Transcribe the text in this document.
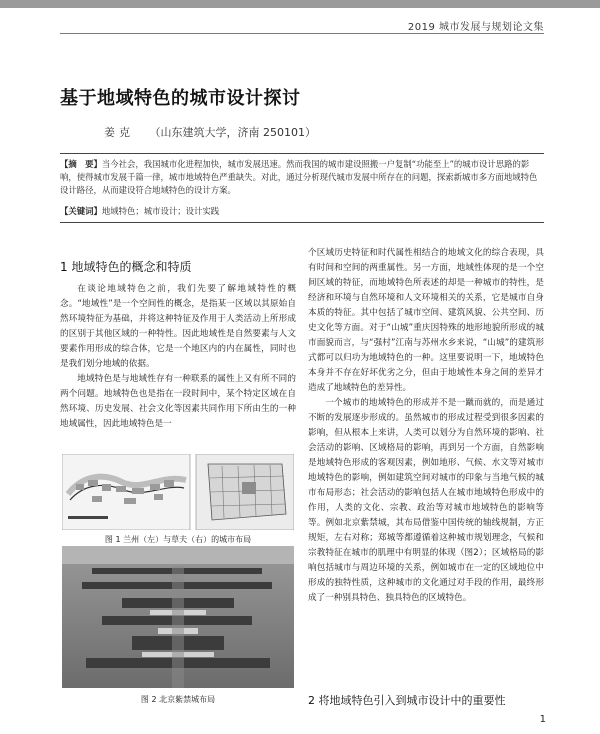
2019 城市发展与规划论文集
基于地域特色的城市设计探讨
姜克 （山东建筑大学，济南 250101）
【摘　要】当今社会，我国城市化进程加快，城市发展迅速。然而我国的城市建设照搬一户复制“功能至上”的城市设计思路的影响，使得城市发展千篇一律，城市地域特色严重缺失。对此，通过分析现代城市发展中所存在的问题，探索新城市多方面地域特色设计路径，从而建设符合地域特色的设计方案。
【关键词】地域特色；城市设计；设计实践
1 地域特色的概念和特质

在谈论地域特色之前，我们先要了解地域特性的概念。“地域性”是一个空间性的概念，是指某一区域以其原始自然环境特征为基础，并将这种特征及作用于人类活动上所形成的区别于其他区域的一种特性。因此地域性是自然要素与人文要素作用形成的综合体，它是一个地区内的内在属性，同时也是我们划分地域的依据。

地域特色是与地域性存有一种联系的属性上又有所不同的两个问题。地域特色也是指在一段时间中，某个特定区域在自然环境、历史发展、社会文化等因素共同作用下所由生的一种地域属性，因此地域特色是一

图 1 兰州（左）与草夫（右）的城市布局
图 2 北京紫禁城布局

个区域历史特征和时代属性相结合的地域文化的综合表现，具有时间和空间的两重属性。另一方面，地域性体现的是一个空间区域的特征，而地域特色所表述的却是一种城市的特性，是经济和环境与自然环境和人文环境相关的关系，它是城市自身本质的特征。其中包括了城市空间、建筑风貌、公共空间、历史文化等方面。对于“山城”重庆因特殊的地形地貌所形成的城市面貌而言，与“强村”江南与苏州水乡来说，“山城”的建筑形式都可以归功为地域特色的一种。这里要说明一下，地域特色本身并不存在好坏优劣之分，但由于地域性本身之间的差异才造成了地域特色的差异性。

一个城市的地域特色的形成并不是一蹴而就的，而是通过不断的发展逐步形成的。虽然城市的形成过程受到很多因素的影响，但从根本上来讲，人类可以划分为自然环境的影响、社会活动的影响、区域格局的影响，再到另一个方面，自然影响是地域特色形成的客观因素，例如地形、气候、水文等对城市地域特色的影响，例如建筑空间对城市的印象与当地气候的城市布局形态；社会活动的影响包括人在城市地域特色形成中的作用，人类的文化、宗教、政治等对城市地域特色的影响等等。例如北京紫禁城，其布局借鉴中国传统的轴线规制，方正规矩，左右对称；郑城等都遵循着这种城市规划理念，气候和宗教特征在城市的肌理中有明显的体现（图2）；区域格局的影响包括城市与周边环境的关系，例如城市在一定的区域地位中形成的独特性质，这种城市的文化通过对手段的作用，最终形成了一种别具特色、独具特色的区域特色。

2 将地域特色引入到城市设计中的重要性
1
